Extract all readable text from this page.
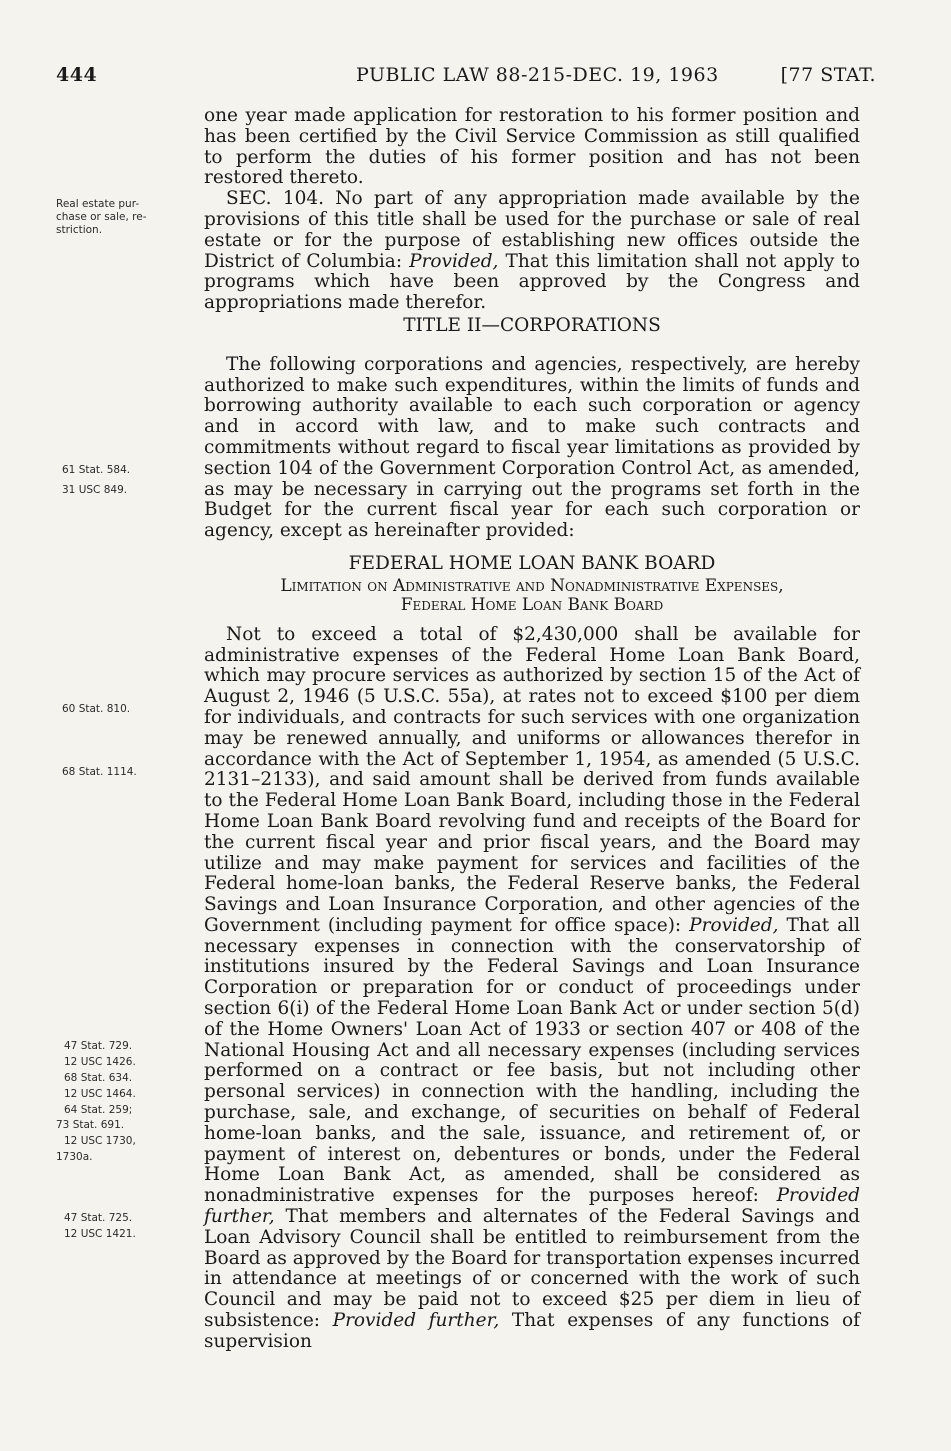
444	PUBLIC LAW 88-215-DEC. 19, 1963	[77 STAT.
Real estate pur-
chase or sale, re-
striction.
61 Stat. 584.
31 USC 849.
60 Stat. 810.
68 Stat. 1114.
47 Stat. 729.
12 USC 1426.
68 Stat. 634.
12 USC 1464.
64 Stat. 259;
73 Stat. 691.
12 USC 1730,
1730a.
47 Stat. 725.
12 USC 1421.

one year made application for restoration to his former position and has been certified by the Civil Service Commission as still qualified to perform the duties of his former position and has not been restored thereto.

SEC. 104. No part of any appropriation made available by the provisions of this title shall be used for the purchase or sale of real estate or for the purpose of establishing new offices outside the District of Columbia: Provided, That this limitation shall not apply to programs which have been approved by the Congress and appropriations made therefor.

TITLE II—CORPORATIONS

The following corporations and agencies, respectively, are hereby authorized to make such expenditures, within the limits of funds and borrowing authority available to each such corporation or agency and in accord with law, and to make such contracts and commitments without regard to fiscal year limitations as provided by section 104 of the Government Corporation Control Act, as amended, as may be necessary in carrying out the programs set forth in the Budget for the current fiscal year for each such corporation or agency, except as hereinafter provided:

FEDERAL HOME LOAN BANK BOARD

Limitation on Administrative and Nonadministrative Expenses,
Federal Home Loan Bank Board

Not to exceed a total of $2,430,000 shall be available for administrative expenses of the Federal Home Loan Bank Board, which may procure services as authorized by section 15 of the Act of August 2, 1946 (5 U.S.C. 55a), at rates not to exceed $100 per diem for individuals, and contracts for such services with one organization may be renewed annually, and uniforms or allowances therefor in accordance with the Act of September 1, 1954, as amended (5 U.S.C. 2131–2133), and said amount shall be derived from funds available to the Federal Home Loan Bank Board, including those in the Federal Home Loan Bank Board revolving fund and receipts of the Board for the current fiscal year and prior fiscal years, and the Board may utilize and may make payment for services and facilities of the Federal home-loan banks, the Federal Reserve banks, the Federal Savings and Loan Insurance Corporation, and other agencies of the Government (including payment for office space): Provided, That all necessary expenses in connection with the conservatorship of institutions insured by the Federal Savings and Loan Insurance Corporation or preparation for or conduct of proceedings under section 6(i) of the Federal Home Loan Bank Act or under section 5(d) of the Home Owners' Loan Act of 1933 or section 407 or 408 of the National Housing Act and all necessary expenses (including services performed on a contract or fee basis, but not including other personal services) in connection with the handling, including the purchase, sale, and exchange, of securities on behalf of Federal home-loan banks, and the sale, issuance, and retirement of, or payment of interest on, debentures or bonds, under the Federal Home Loan Bank Act, as amended, shall be considered as nonadministrative expenses for the purposes hereof: Provided further, That members and alternates of the Federal Savings and Loan Advisory Council shall be entitled to reimbursement from the Board as approved by the Board for transportation expenses incurred in attendance at meetings of or concerned with the work of such Council and may be paid not to exceed $25 per diem in lieu of subsistence: Provided further, That expenses of any functions of supervision
